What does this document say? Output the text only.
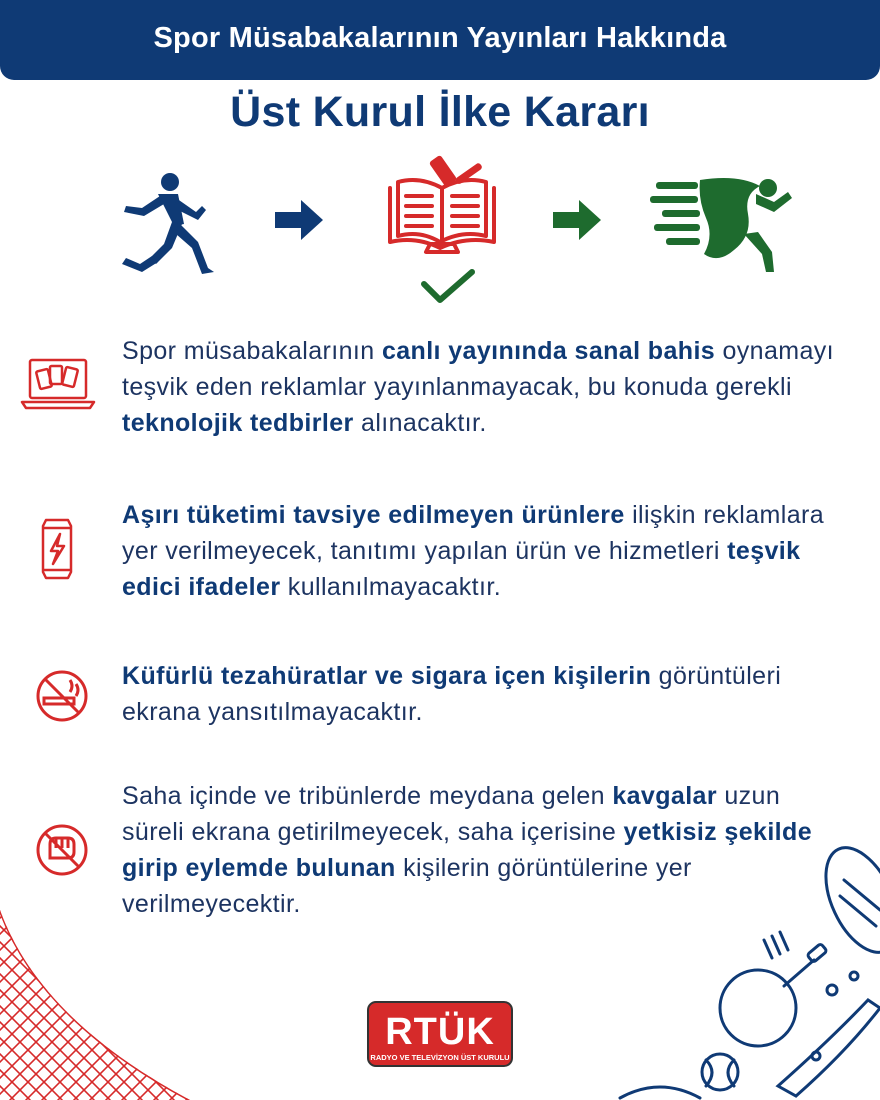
Spor Müsabakalarının Yayınları Hakkında
Üst Kurul İlke Kararı

Spor müsabakalarının canlı yayınında sanal bahis oynamayı teşvik eden reklamlar yayınlanmayacak, bu konuda gerekli teknolojik tedbirler alınacaktır.

Aşırı tüketimi tavsiye edilmeyen ürünlere ilişkin reklamlara yer verilmeyecek, tanıtımı yapılan ürün ve hizmetleri teşvik edici ifadeler kullanılmayacaktır.

Küfürlü tezahüratlar ve sigara içen kişilerin görüntüleri ekrana yansıtılmayacaktır.

Saha içinde ve tribünlerde meydana gelen kavgalar uzun süreli ekrana getirilmeyecek, saha içerisine yetkisiz şekilde girip eylemde bulunan kişilerin görüntülerine yer verilmeyecektir.

RTÜK
RADYO VE TELEVİZYON ÜST KURULU
